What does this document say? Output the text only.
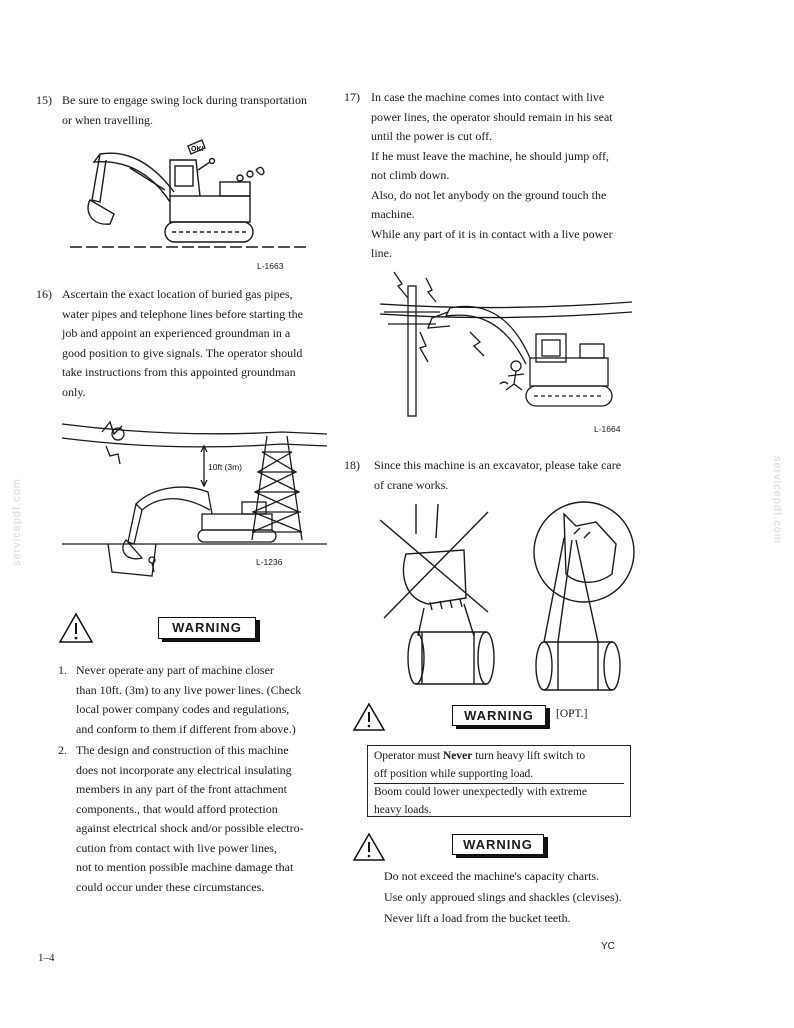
servicepdf.com	servicepdf.com
15) Be sure to engage swing lock during transportation

or when travelling.

OK!
L-1663
16) Ascertain the exact location of buried gas pipes,

water pipes and telephone lines before starting the

job and appoint an experienced groundman in a

good position to give signals. The operator should

take instructions from this appointed groundman

only.

10ft (3m)
L-1236
WARNING
1. Never operate any part of machine closer

than 10ft. (3m) to any live power lines. (Check

local power company codes and regulations,

and conform to them if different from above.)

2. The design and construction of this machine

does not incorporate any electrical insulating

members in any part of the front attachment

components., that would afford protection

against electrical shock and/or possible electro-

cution from contact with live power lines,

not to mention possible machine damage that

could occur under these circumstances.

17) In case the machine comes into contact with live

power lines, the operator should remain in his seat

until the power is cut off.

If he must leave the machine, he should jump off,

not climb down.

Also, do not let anybody on the ground touch the

machine.

While any part of it is in contact with a live power

line.

L-1664
18) Since this machine is an excavator, please take care

of crane works.

WARNING	[OPT.]
Operator must Never turn heavy lift switch to
off position while supporting load.
Boom could lower unexpectedly with extreme
heavy loads.
WARNING

Do not exceed the machine's capacity charts.

Use only approued slings and shackles (clevises).

Never lift a load from the bucket teeth.

1–4
YC
